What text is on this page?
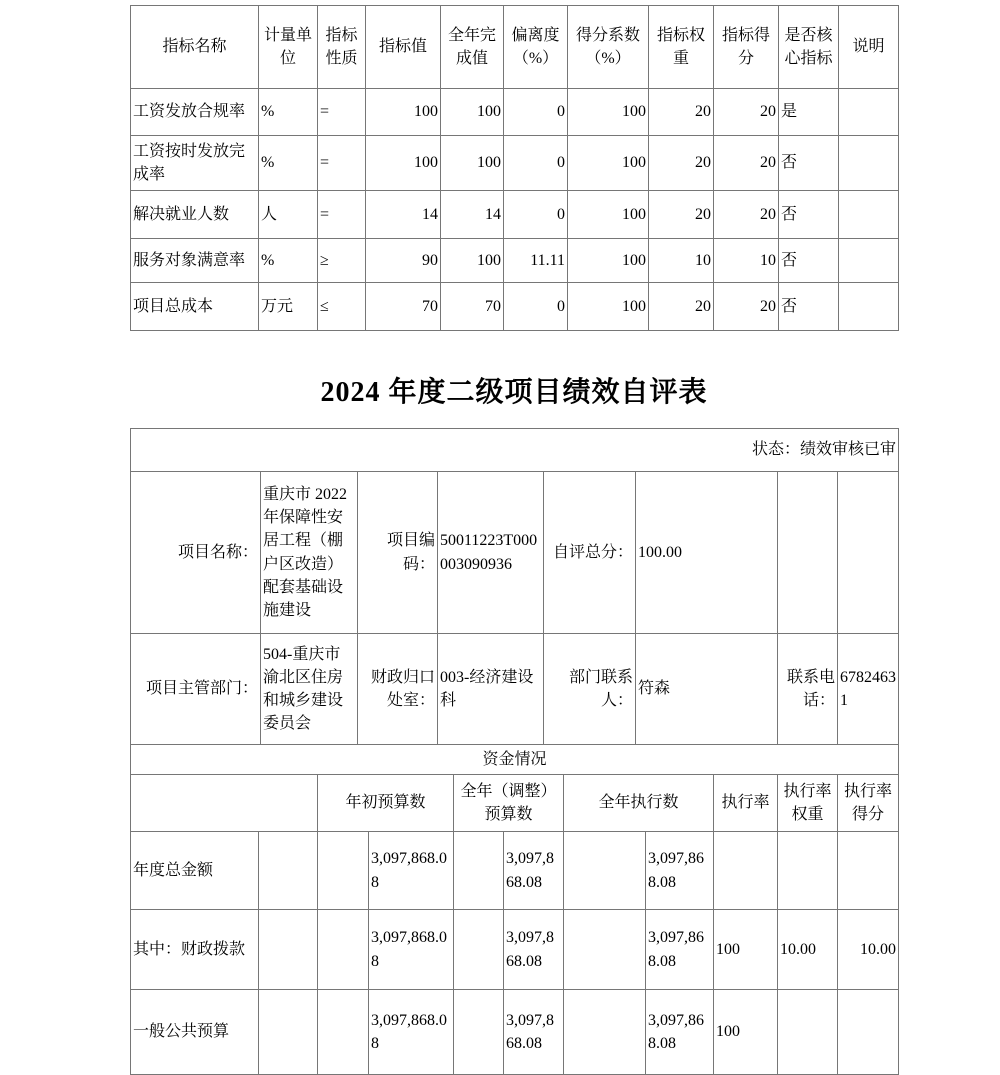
指标名称	计量单位	指标性质	指标值	全年完成值	偏离度（%）	得分系数（%）	指标权重	指标得分	是否核心指标	说明
工资发放合规率	%	=	100	100	0	100	20	20	是	
工资按时发放完成率	%	=	100	100	0	100	20	20	否	
解决就业人数	人	=	14	14	0	100	20	20	否	
服务对象满意率	%	≥	90	100	11.11	100	10	10	否	
项目总成本	万元	≤	70	70	0	100	20	20	否	
2024 年度二级项目绩效自评表
状态：绩效审核已审							
项目名称：	重庆市 2022年保障性安居工程（棚户区改造）配套基础设施建设	项目编码：	50011223T000003090936	自评总分：	100.00		
项目主管部门：	504-重庆市渝北区住房和城乡建设委员会	财政归口处室：	003-经济建设科	部门联系人：	符森	联系电话：	67824631
资金情况							
		年初预算数		全年（调整）预算数		全年执行数		执行率	执行率权重	执行率得分
年度总金额			3,097,868.08		3,097,868.08		3,097,868.08			
其中：财政拨款			3,097,868.08		3,097,868.08		3,097,868.08	100	10.00	10.00
一般公共预算			3,097,868.08		3,097,868.08		3,097,868.08	100		
